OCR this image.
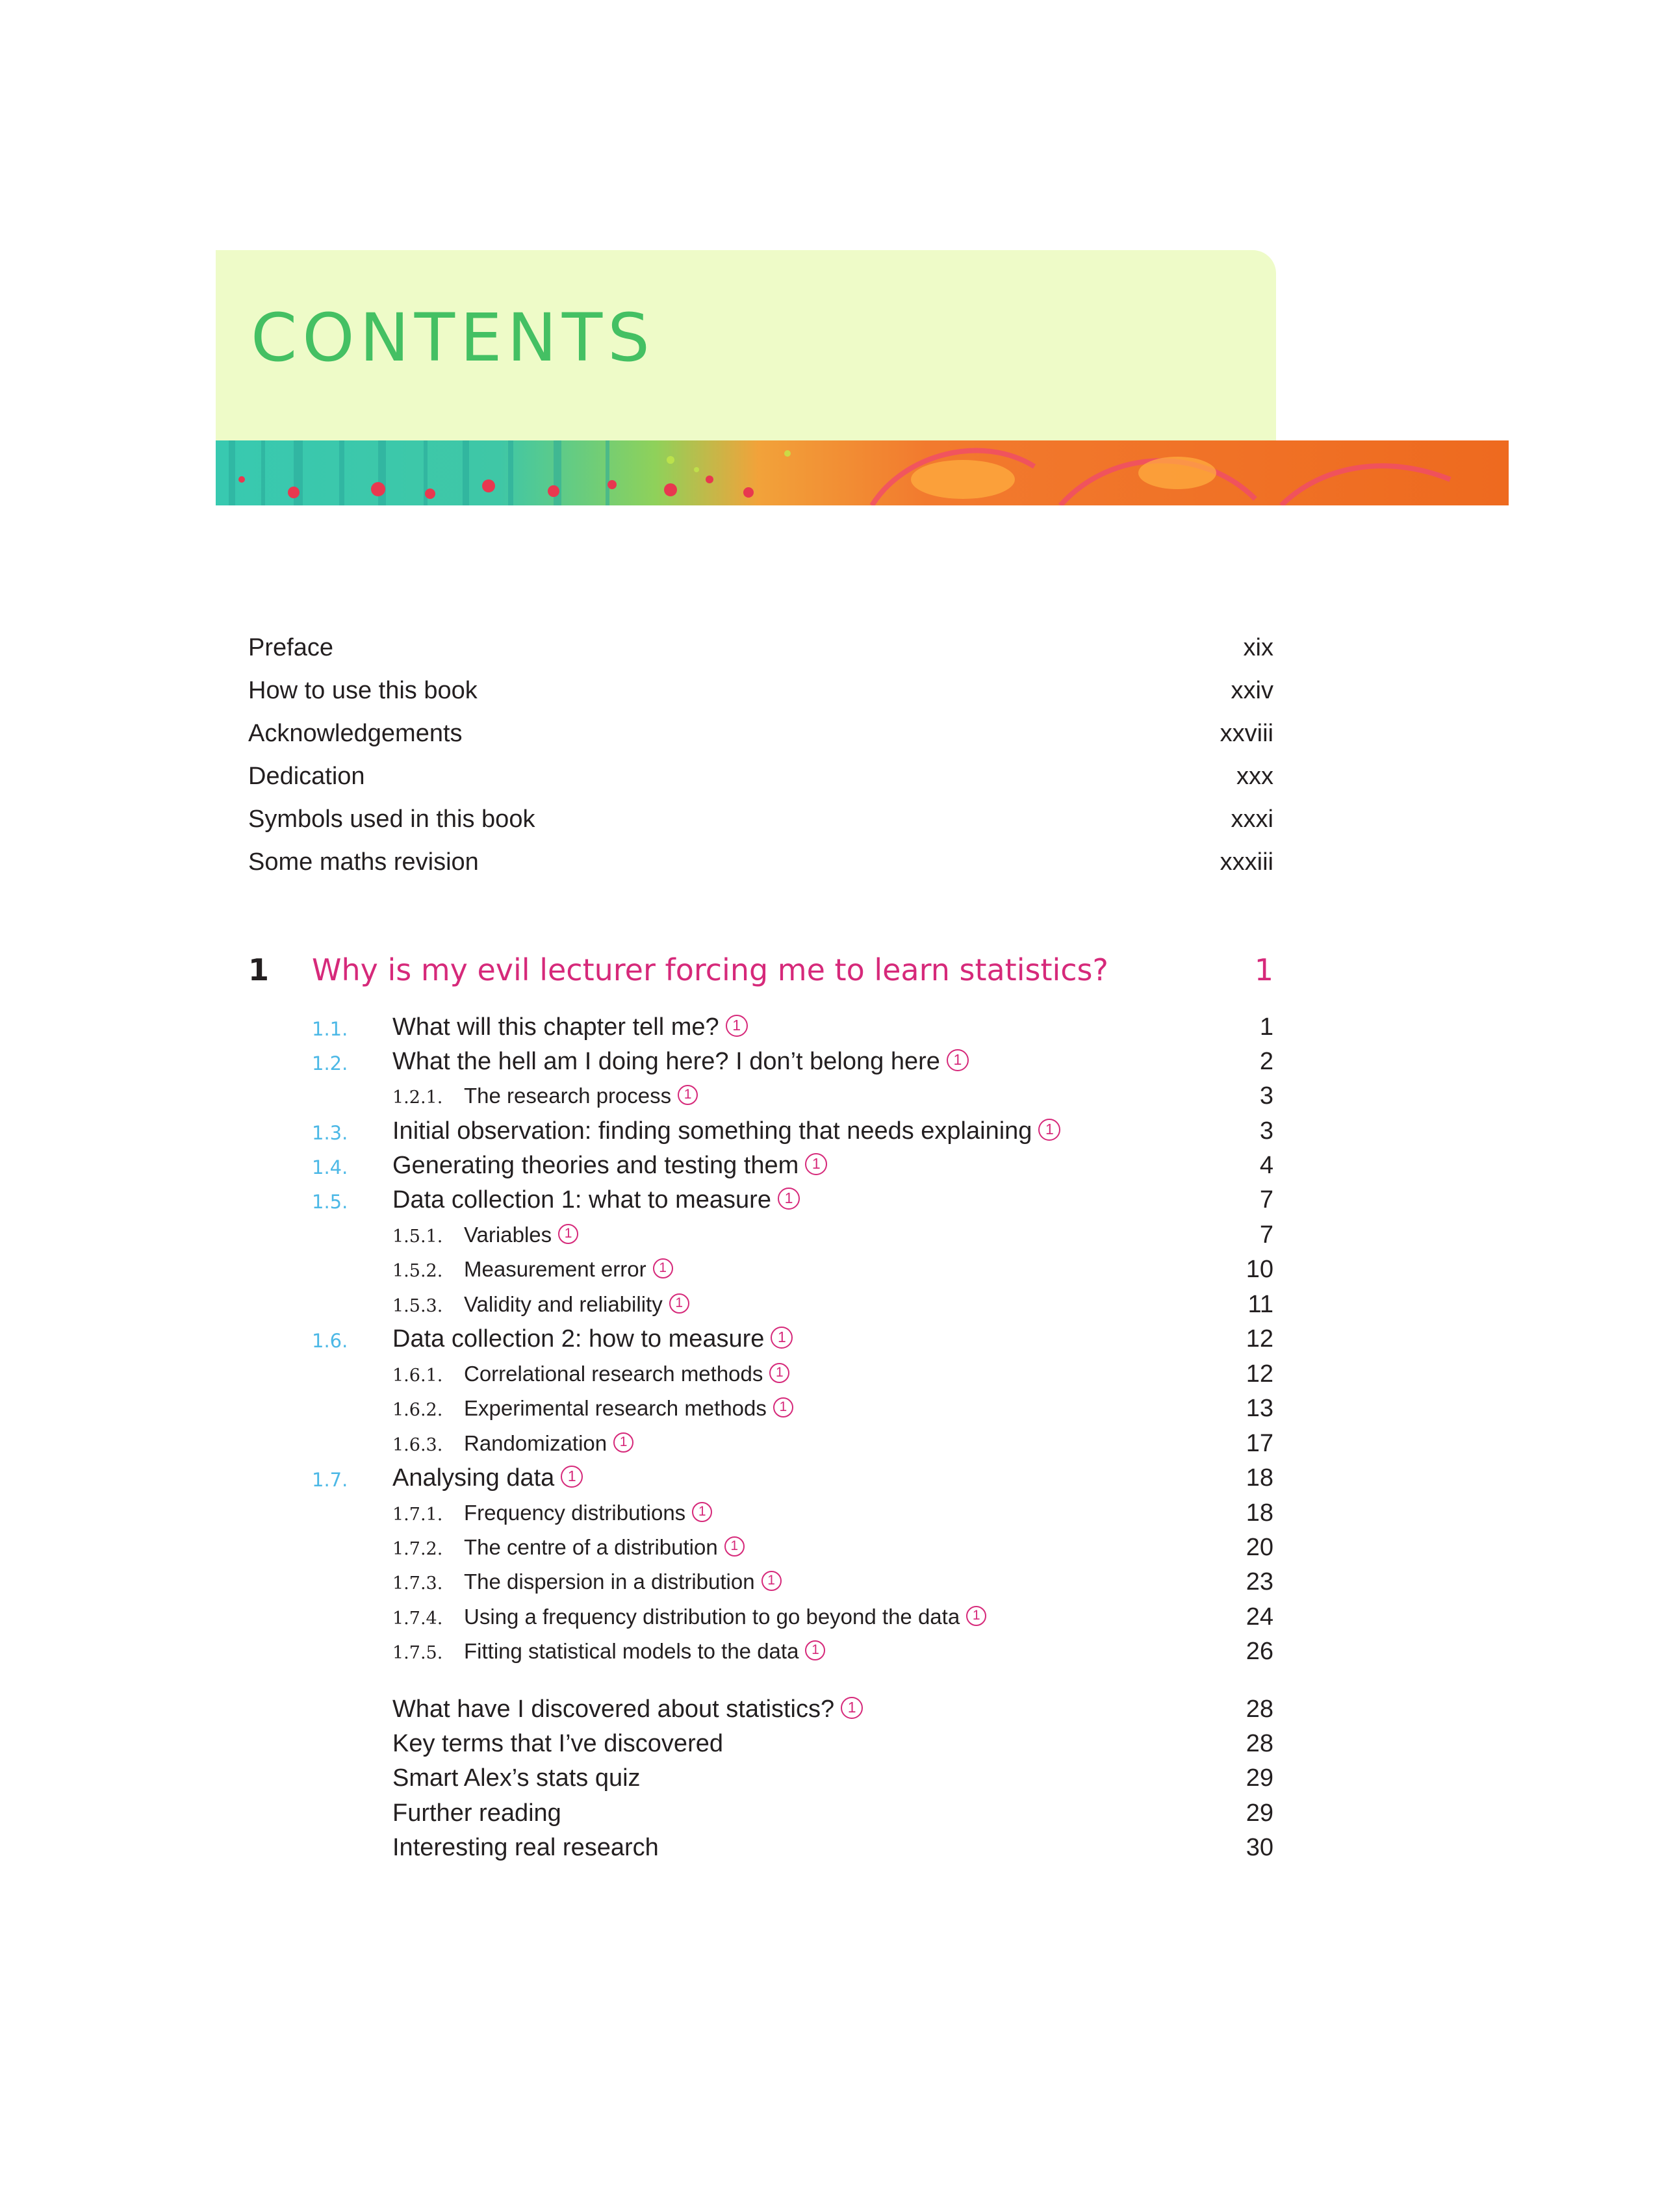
CONTENTS
Preface	xix
How to use this book	xxiv
Acknowledgements	xxviii
Dedication	xxx
Symbols used in this book	xxxi
Some maths revision	xxxiii
1 Why is my evil lecturer forcing me to learn statistics?	1
1.1. What will this chapter tell me? 1	1
1.2. What the hell am I doing here? I don’t belong here 1	2
1.2.1. The research process 1	3
1.3. Initial observation: finding something that needs explaining 1	3
1.4. Generating theories and testing them 1	4
1.5. Data collection 1: what to measure 1	7
1.5.1. Variables 1	7
1.5.2. Measurement error 1	10
1.5.3. Validity and reliability 1	11
1.6. Data collection 2: how to measure 1	12
1.6.1. Correlational research methods 1	12
1.6.2. Experimental research methods 1	13
1.6.3. Randomization 1	17
1.7. Analysing data 1	18
1.7.1. Frequency distributions 1	18
1.7.2. The centre of a distribution 1	20
1.7.3. The dispersion in a distribution 1	23
1.7.4. Using a frequency distribution to go beyond the data 1	24
1.7.5. Fitting statistical models to the data 1	26
What have I discovered about statistics? 1	28
Key terms that I’ve discovered	28
Smart Alex’s stats quiz	29
Further reading	29
Interesting real research	30
